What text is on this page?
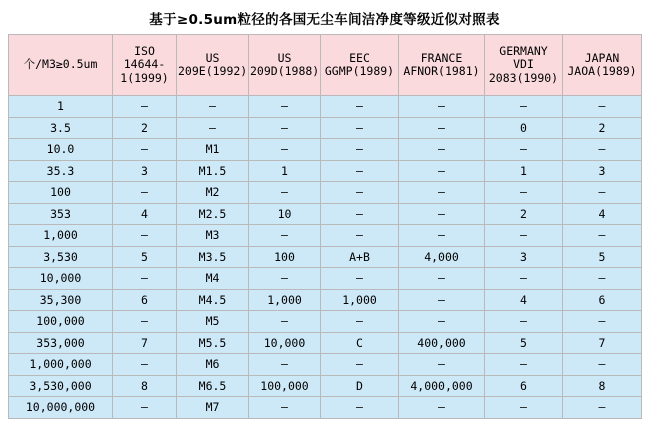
基于≥0.5um粒径的各国无尘车间洁净度等级近似对照表
个/M3≥0.5um	ISO
14644-
1(1999)	US
209E(1992)	US
209D(1988)	EEC
GGMP(1989)	FRANCE
AFNOR(1981)	GERMANY
VDI
2083(1990)	JAPAN
JAOA(1989)

1	–	–	–	–	–	–	–
3.5	2	–	–	–	–	0	2
10.0	–	M1	–	–	–	–	–
35.3	3	M1.5	1	–	–	1	3
100	–	M2	–	–	–	–	–
353	4	M2.5	10	–	–	2	4
1,000	–	M3	–	–	–	–	–
3,530	5	M3.5	100	A+B	4,000	3	5
10,000	–	M4	–	–	–	–	–
35,300	6	M4.5	1,000	1,000	–	4	6
100,000	–	M5	–	–	–	–	–
353,000	7	M5.5	10,000	C	400,000	5	7
1,000,000	–	M6	–	–	–	–	–
3,530,000	8	M6.5	100,000	D	4,000,000	6	8
10,000,000	–	M7	–	–	–	–	–
